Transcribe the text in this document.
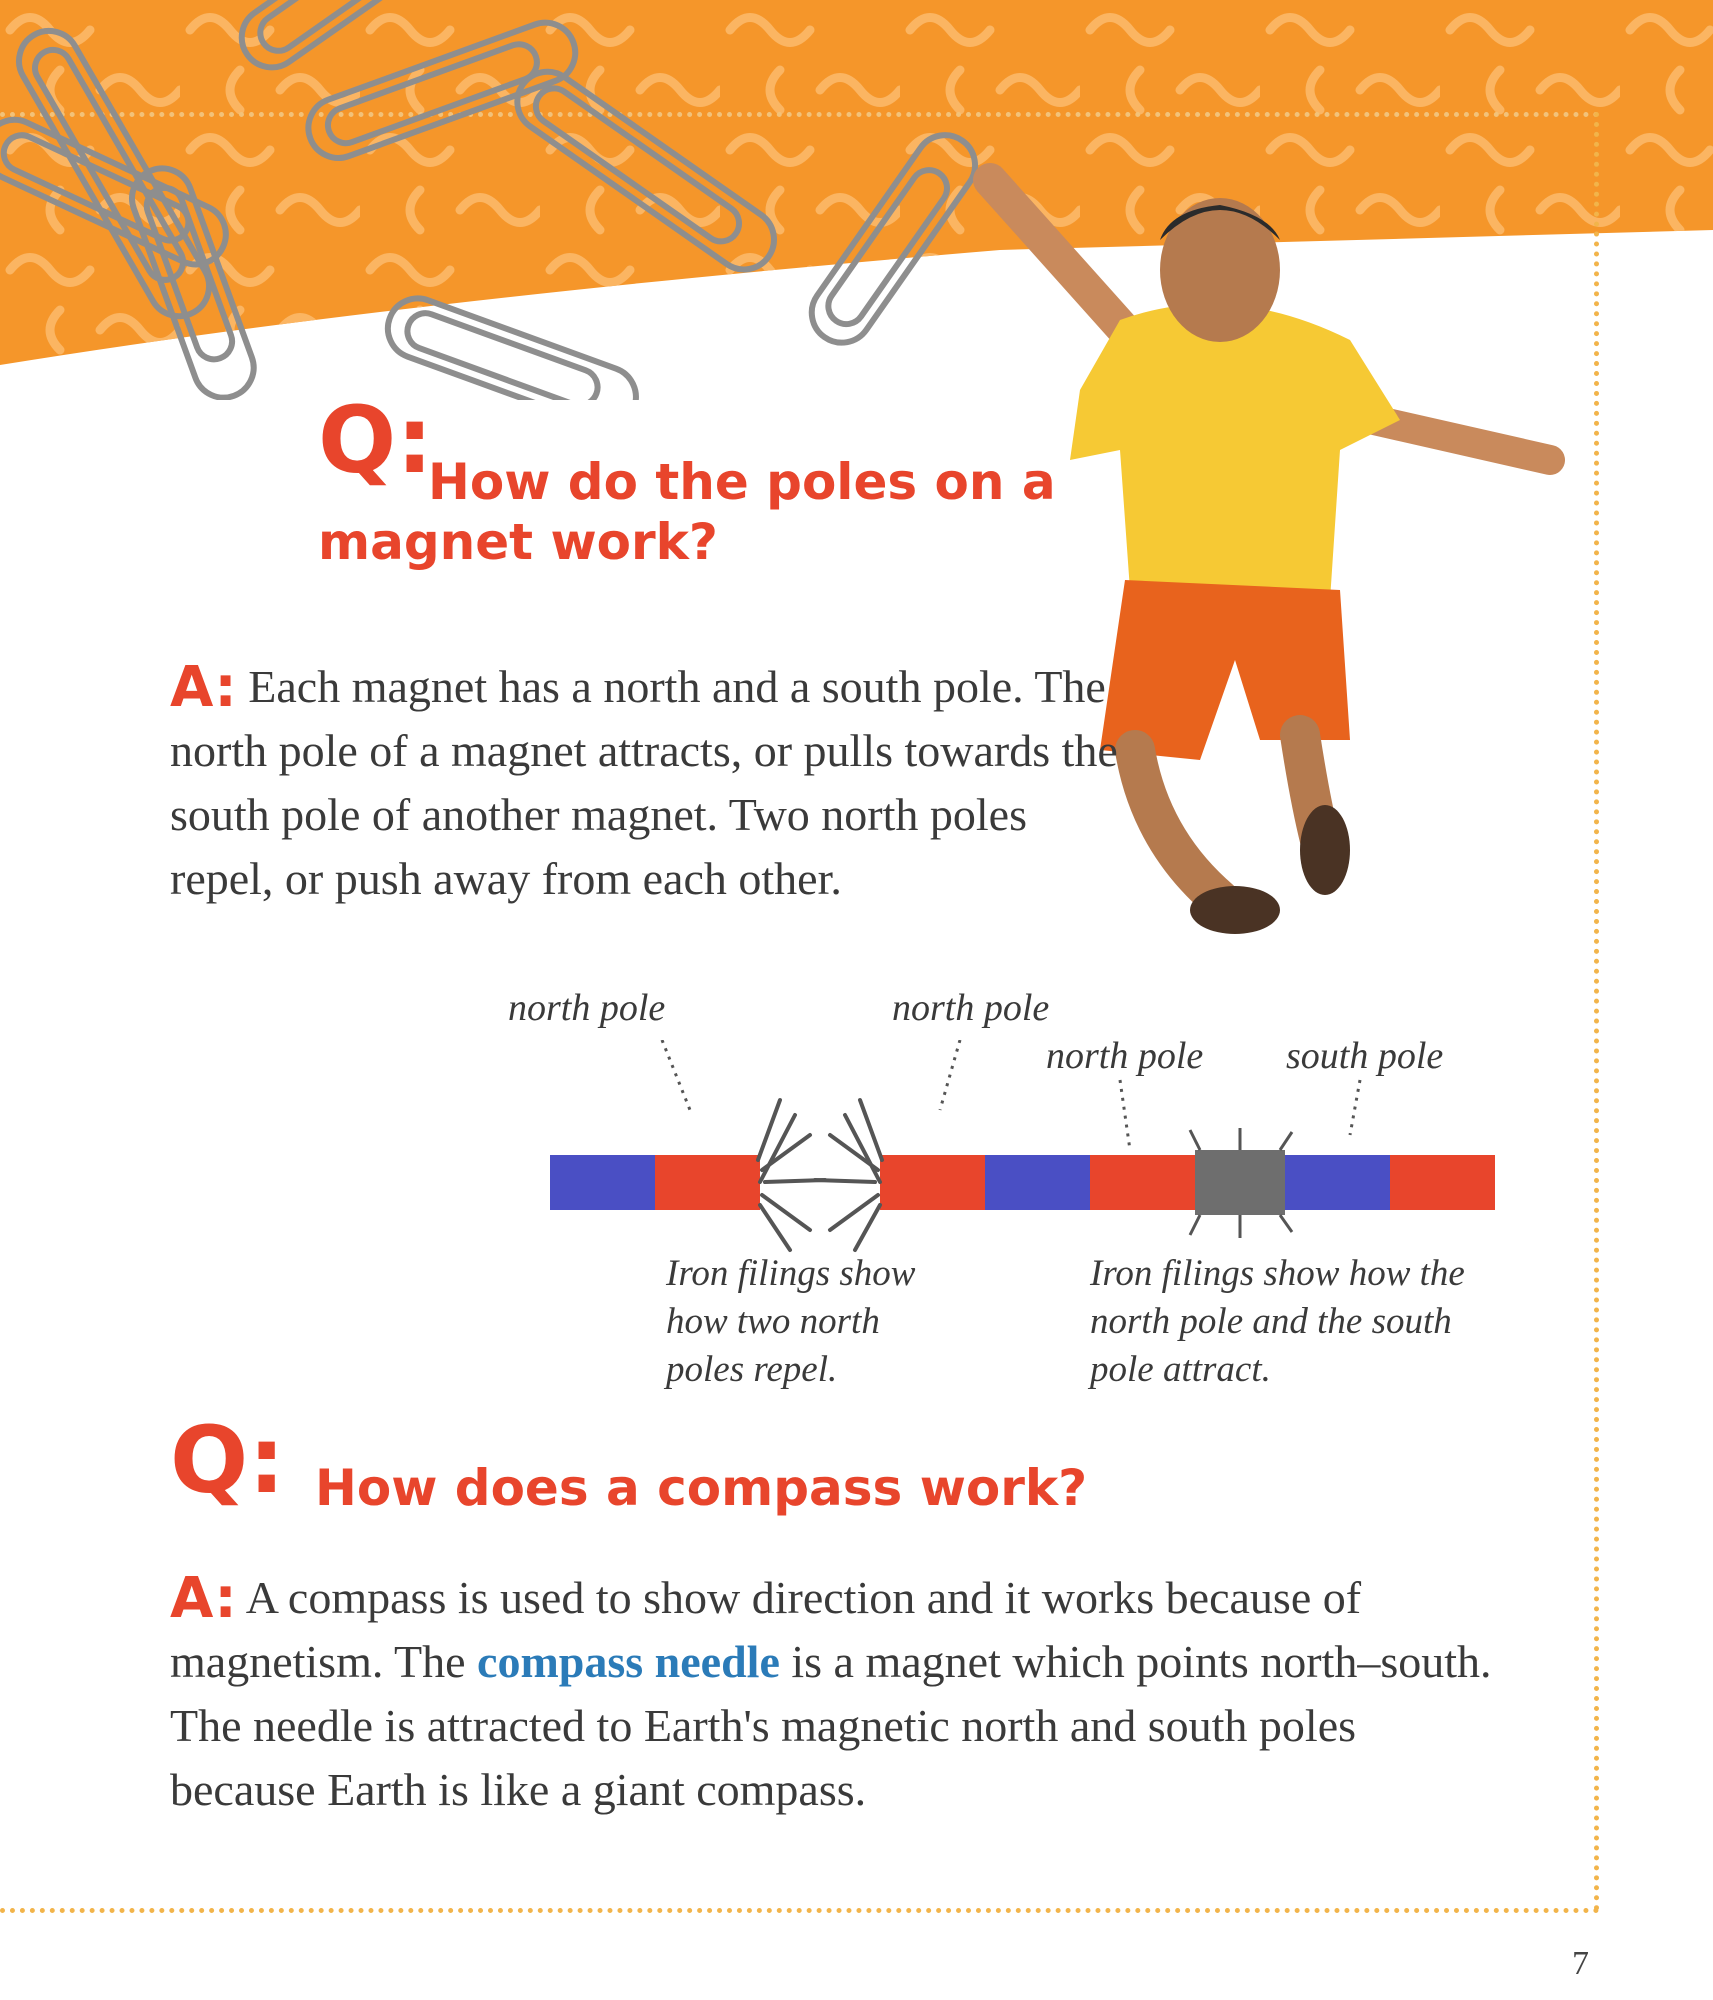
Q:
How do the poles on a magnet work?
A: Each magnet has a north and a south pole. The north pole of a magnet attracts, or pulls towards the south pole of another magnet. Two north poles repel, or push away from each other.
north pole	north pole
north pole south pole
Iron filings show how two north poles repel.
Iron filings show how the north pole and the south pole attract.
Q: How does a compass work?
A: A compass is used to show direction and it works because of magnetism. The compass needle is a magnet which points north–south. The needle is attracted to Earth's magnetic north and south poles because Earth is like a giant compass.
7
